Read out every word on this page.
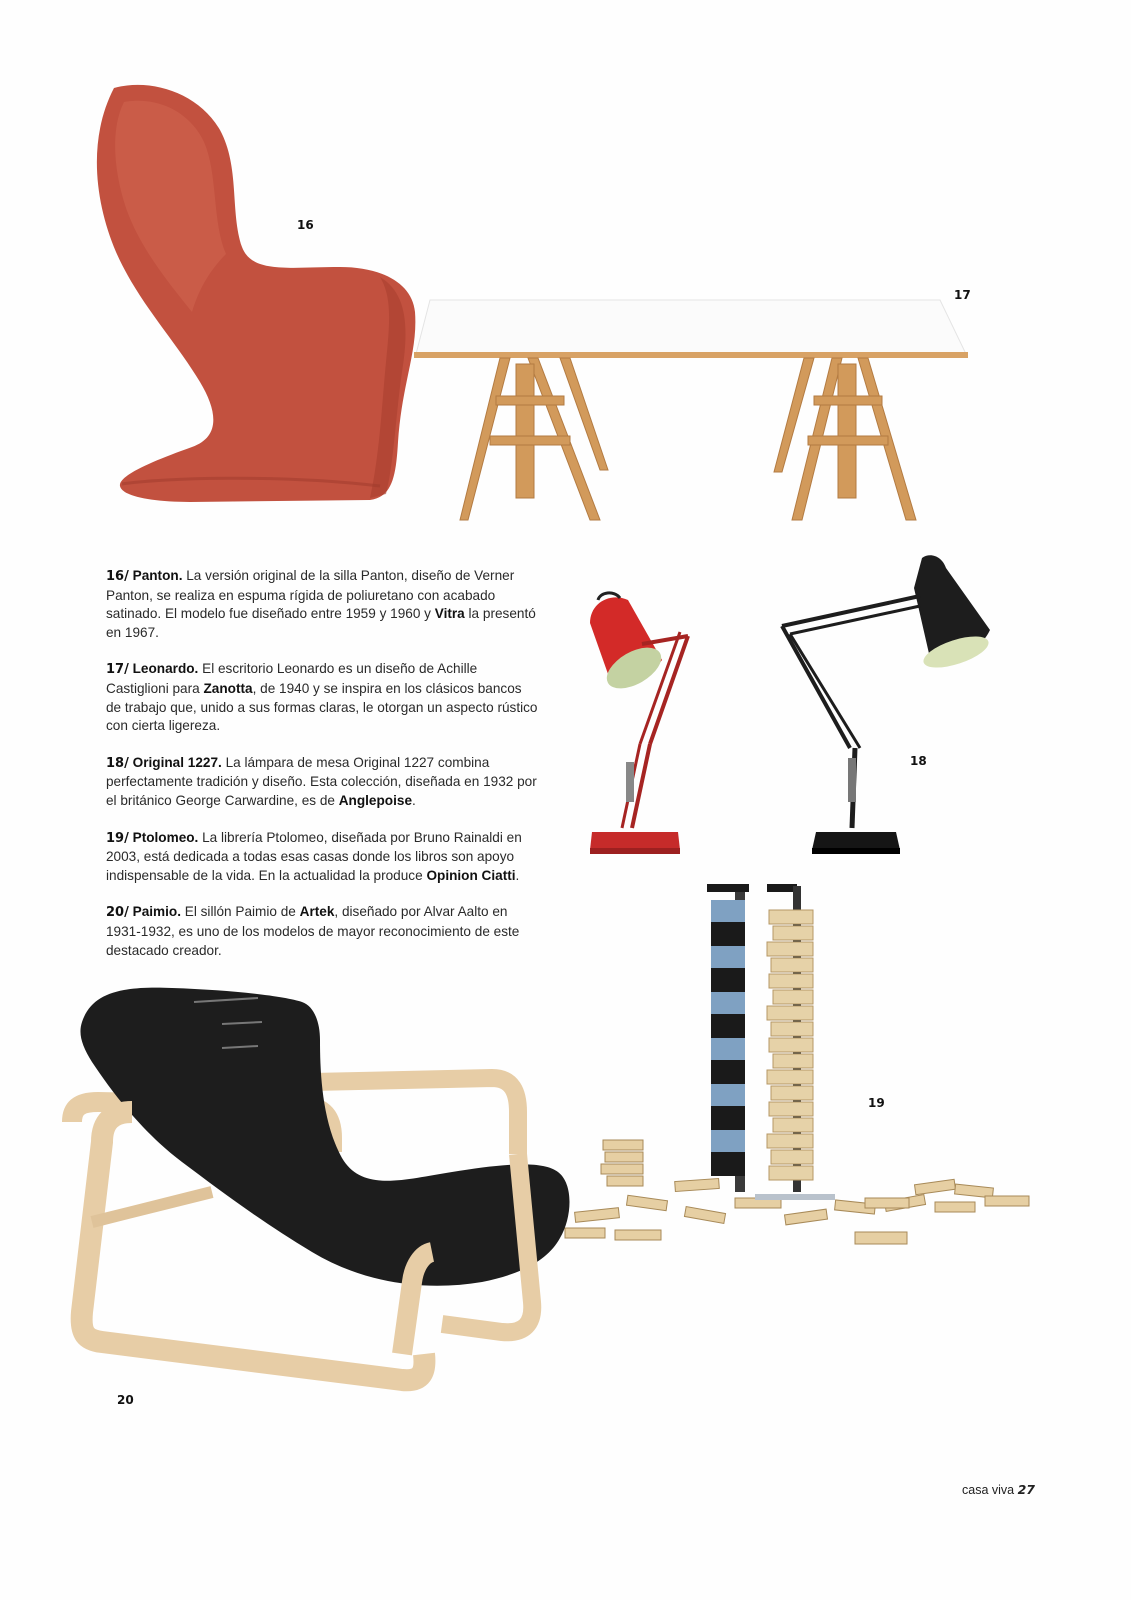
16
17
18
19
20

16/ Panton. La versión original de la silla Panton, diseño de Verner Panton, se realiza en espuma rígida de poliuretano con acabado satinado. El modelo fue diseñado entre 1959 y 1960 y Vitra la presentó en 1967.

17/ Leonardo. El escritorio Leonardo es un diseño de Achille Castiglioni para Zanotta, de 1940 y se inspira en los clásicos bancos de trabajo que, unido a sus formas claras, le otorgan un aspecto rústico con cierta ligereza.

18/ Original 1227. La lámpara de mesa Original 1227 combina perfectamente tradición y diseño. Esta colección, diseñada en 1932 por el británico George Carwardine, es de Anglepoise.

19/ Ptolomeo. La librería Ptolomeo, diseñada por Bruno Rainaldi en 2003, está dedicada a todas esas casas donde los libros son apoyo indispensable de la vida. En la actualidad la produce Opinion Ciatti.

20/ Paimio. El sillón Paimio de Artek, diseñado por Alvar Aalto en 1931-1932, es uno de los modelos de mayor reconocimiento de este destacado creador.

casa viva 27
